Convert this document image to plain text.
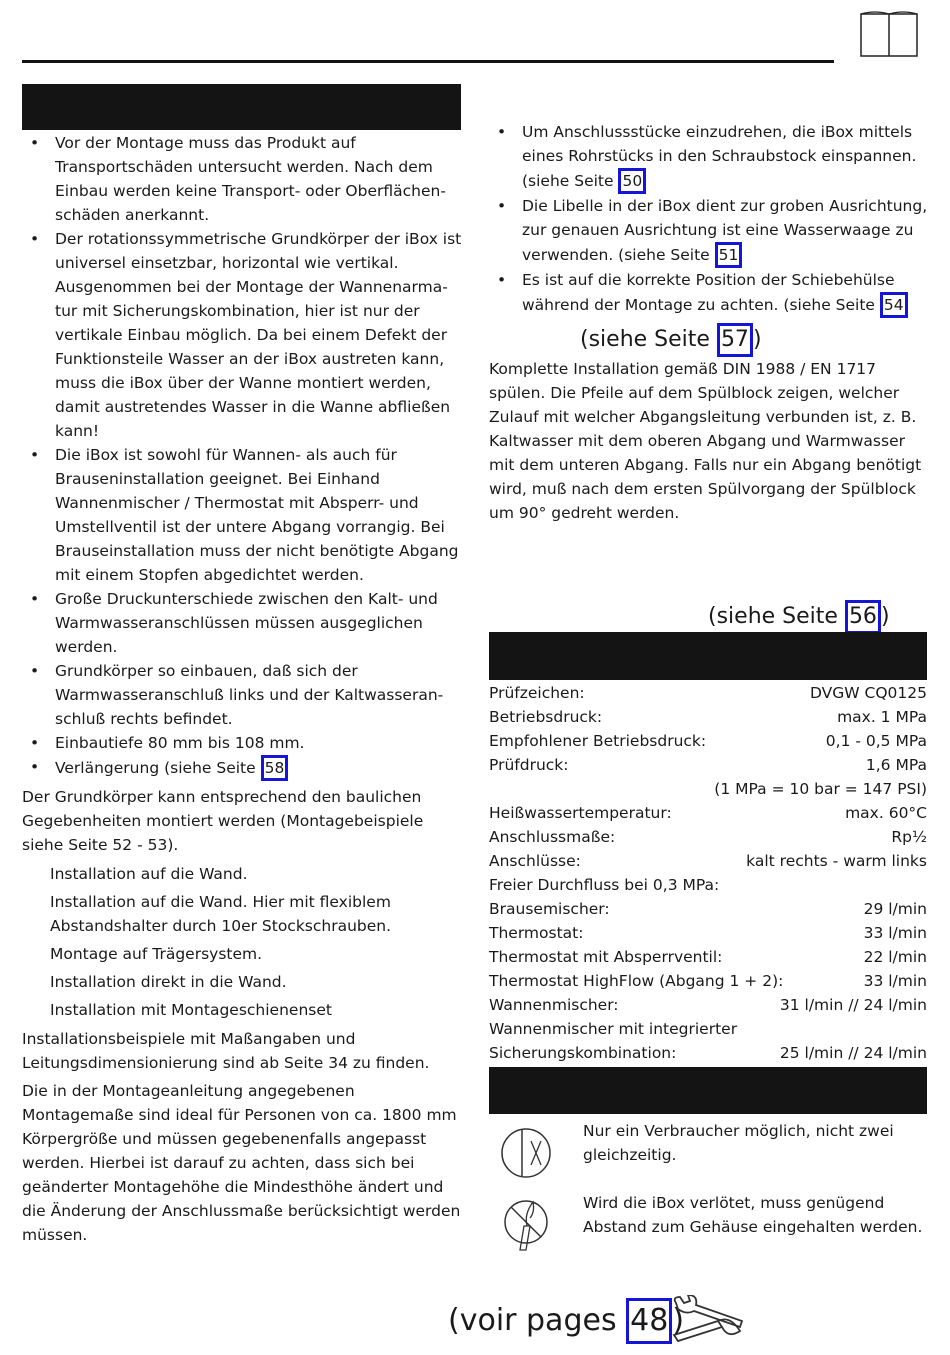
• Vor der Montage muss das Produkt auf Transportschäden untersucht werden. Nach dem Einbau werden keine Transport- oder Oberflächenschäden anerkannt.
• Der rotationssymmetrische Grundkörper der iBox ist universel einsetzbar, horizontal wie vertikal. Ausgenommen bei der Montage der Wannenarmatur mit Sicherungskombination, hier ist nur der vertikale Einbau möglich. Da bei einem Defekt der Funktionsteile Wasser an der iBox austreten kann, muss die iBox über der Wanne montiert werden, damit austretendes Wasser in die Wanne abfließen kann!
• Die iBox ist sowohl für Wannen- als auch für Brauseninstallation geeignet. Bei Einhand Wannenmischer / Thermostat mit Absperr- und Umstellventil ist der untere Abgang vorrangig. Bei Brauseinstallation muss der nicht benötigte Abgang mit einem Stopfen abgedichtet werden.
• Große Druckunterschiede zwischen den Kalt- und Warmwasseranschlüssen müssen ausgeglichen werden.
• Grundkörper so einbauen, daß sich der Warmwasseranschluß links und der Kaltwasseranschluß rechts befindet.
• Einbautiefe 80 mm bis 108 mm.
• Verlängerung (siehe Seite 58

Der Grundkörper kann entsprechend den baulichen Gegebenheiten montiert werden (Montagebeispiele siehe Seite 52 - 53).

Installation auf die Wand.

Installation auf die Wand. Hier mit flexiblem Abstandshalter durch 10er Stockschrauben.

Montage auf Trägersystem.

Installation direkt in die Wand.

Installation mit Montageschienenset

Installationsbeispiele mit Maßangaben und Leitungsdimensionierung sind ab Seite 34 zu finden.

Die in der Montageanleitung angegebenen Montagemaße sind ideal für Personen von ca. 1800 mm Körpergröße und müssen gegebenenfalls angepasst werden. Hierbei ist darauf zu achten, dass sich bei geänderter Montagehöhe die Mindesthöhe ändert und die Änderung der Anschlussmaße berücksichtigt werden müssen.

• Um Anschlussstücke einzudrehen, die iBox mittels eines Rohrstücks in den Schraubstock einspannen. (siehe Seite 50
• Die Libelle in der iBox dient zur groben Ausrichtung, zur genauen Ausrichtung ist eine Wasserwaage zu verwenden. (siehe Seite 51
• Es ist auf die korrekte Position der Schiebehülse während der Montage zu achten. (siehe Seite 54
(siehe Seite 57 )

Komplette Installation gemäß DIN 1988 / EN 1717 spülen. Die Pfeile auf dem Spülblock zeigen, welcher Zulauf mit welcher Abgangsleitung verbunden ist, z. B. Kaltwasser mit dem oberen Abgang und Warmwasser mit dem unteren Abgang. Falls nur ein Abgang benötigt wird, muß nach dem ersten Spülvorgang der Spülblock um 90° gedreht werden.

(siehe Seite 56 )
Prüfzeichen:	DVGW CQ0125
Betriebsdruck:	max. 1 MPa
Empfohlener Betriebsdruck:	0,1 - 0,5 MPa
Prüfdruck:	1,6 MPa
(1 MPa = 10 bar = 147 PSI)
Heißwassertemperatur:	max. 60°C
Anschlussmaße:	Rp½
Anschlüsse:	kalt rechts - warm links
Freier Durchfluss bei 0,3 MPa:
Brausemischer:	29 l/min
Thermostat:	33 l/min
Thermostat mit Absperrventil:	22 l/min
Thermostat HighFlow (Abgang 1 + 2):	33 l/min
Wannenmischer:	31 l/min // 24 l/min
Wannenmischer mit integrierter
Sicherungskombination:	25 l/min // 24 l/min

Nur ein Verbraucher möglich, nicht zwei gleichzeitig.

Wird die iBox verlötet, muss genügend Abstand zum Gehäuse eingehalten werden.

(voir pages 48 )
